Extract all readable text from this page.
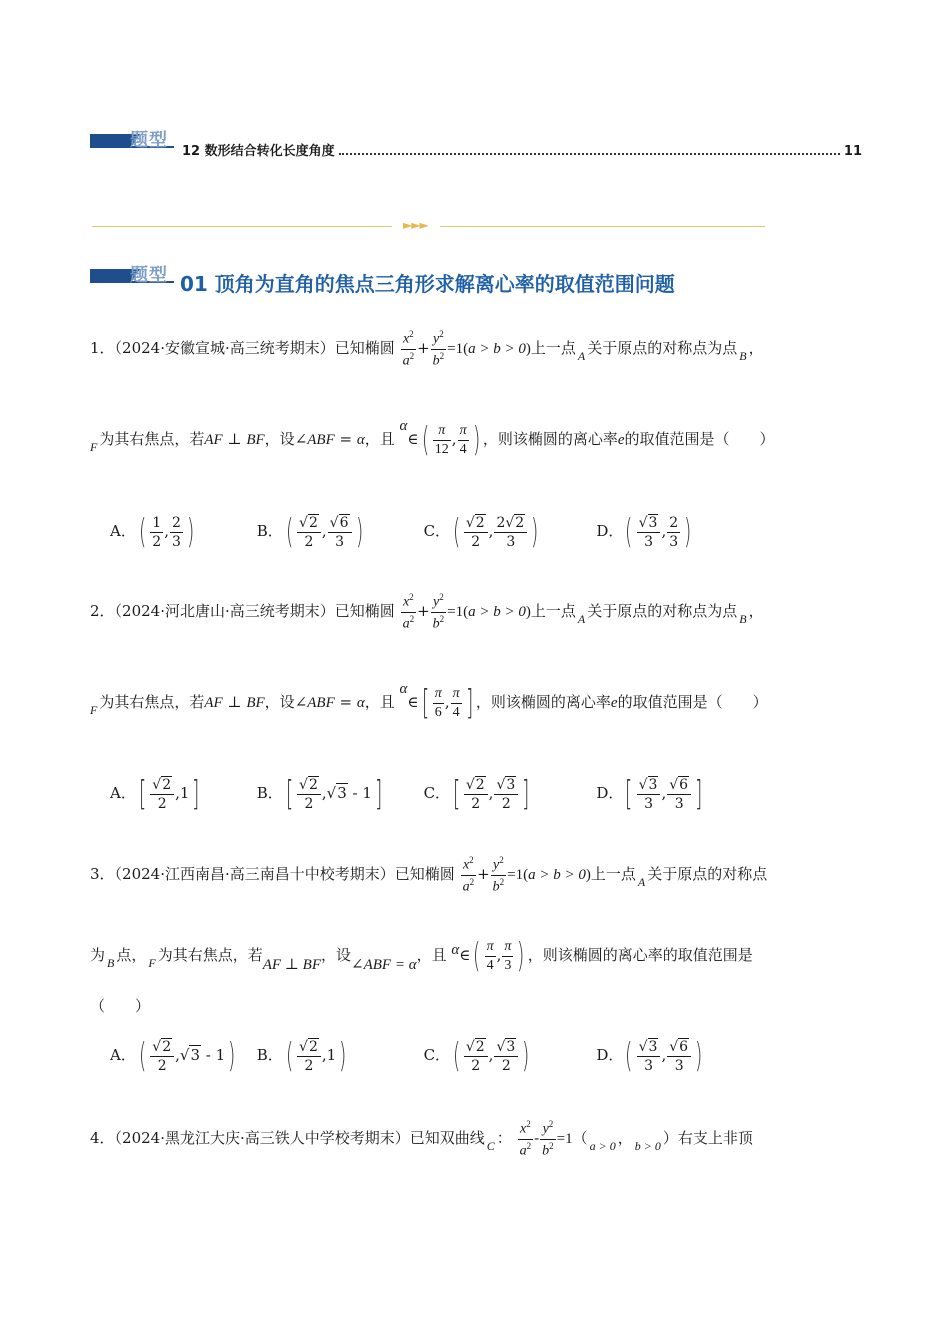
题型
12 数形结合转化长度角度	11
►►►
题型 01 顶角为直角的焦点三角形求解离心率的取值范围问题
1．（2024·安徽宣城·高三统考期末）已知椭圆 $\frac{x^2}{a^2} + \frac{y^2}{b^2} =1(a > b > 0)$上一点 $_A$ 关于原点的对称点为点 $_B$ ，
$_F$ 为其右焦点，若AF ⊥ BF，设∠ABF = α，且 α∈( $\frac{\pi}{12}$ , $\frac{\pi}{4}$ ) ，则该椭圆的离心率e的取值范围是（　　）
A．( $\frac{1}{2}$ , $\frac{2}{3}$ )	B．( $\frac{√2}{2}$ , $\frac{√6}{3}$ )	C．( $\frac{√2}{2}$ , $\frac{2√2}{3}$ )	D．( $\frac{√3}{3}$ , $\frac{2}{3}$ )
2．（2024·河北唐山·高三统考期末）已知椭圆 $\frac{x^2}{a^2} + \frac{y^2}{b^2} =1(a > b > 0)$上一点 $_A$ 关于原点的对称点为点 $_B$ ，
$_F$ 为其右焦点，若AF ⊥ BF，设∠ABF = α，且 α∈[ $\frac{\pi}{6}$ , $\frac{\pi}{4}$ ] ，则该椭圆的离心率e的取值范围是（　　）
A．[ $\frac{√2}{2} ,1$]	B．[ $\frac{√2}{2} ,√3 - 1$]	C．[ $\frac{√2}{2}$ , $\frac{√3}{2}$ ]	D．[ $\frac{√3}{3}$ , $\frac{√6}{3}$ ]
3．（2024·江西南昌·高三南昌十中校考期末）已知椭圆 $\frac{x^2}{a^2} + \frac{y^2}{b^2} =1(a > b > 0)$上一点 $_A$ 关于原点的对称点
为 $_B$ 点， $_F$ 为其右焦点，若AF ⊥ BF，设∠ABF = α，且 α∈( $\frac{\pi}{4}$ , $\frac{\pi}{3}$ ) ，则该椭圆的离心率的取值范围是
（　　）
A．( $\frac{√2}{2} ,√3 - 1$) B．( $\frac{√2}{2} ,1$)	C．( $\frac{√2}{2}$ , $\frac{√3}{2}$ )	D．( $\frac{√3}{3}$ , $\frac{√6}{3}$ )
4．（2024·黑龙江大庆·高三铁人中学校考期末）已知双曲线 $_C$ ： $\frac{x^2}{a^2} - \frac{y^2}{b^2} =1$（ $_{a > 0}$ ， $_{b > 0}$ ）右支上非顶
